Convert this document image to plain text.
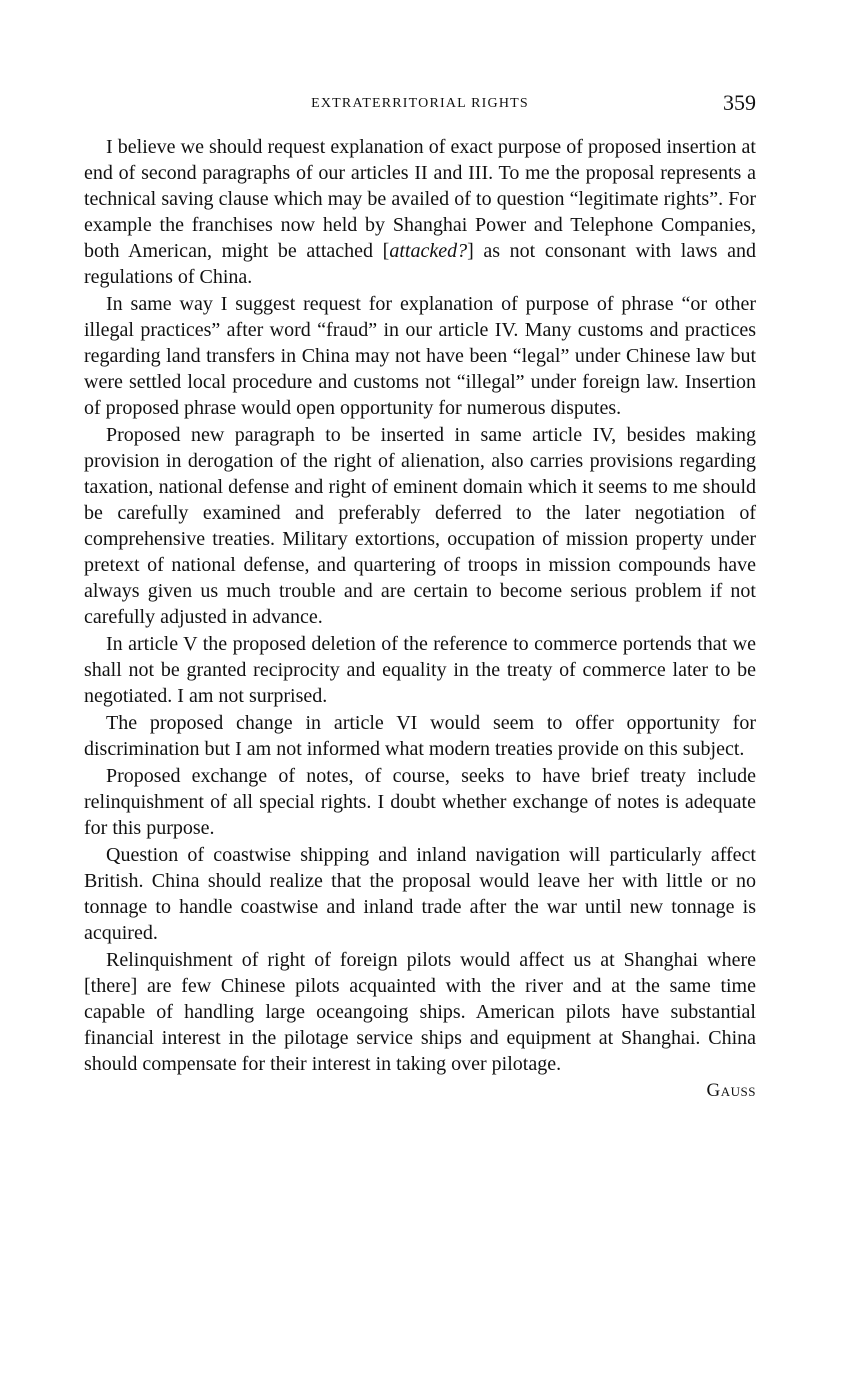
EXTRATERRITORIAL RIGHTS	359

I believe we should request explanation of exact purpose of proposed insertion at end of second paragraphs of our articles II and III. To me the proposal represents a technical saving clause which may be availed of to question “legitimate rights”. For example the franchises now held by Shanghai Power and Telephone Companies, both American, might be attached [attacked?] as not consonant with laws and regulations of China.

In same way I suggest request for explanation of purpose of phrase “or other illegal practices” after word “fraud” in our article IV. Many customs and practices regarding land transfers in China may not have been “legal” under Chinese law but were settled local procedure and customs not “illegal” under foreign law. Insertion of proposed phrase would open opportunity for numerous disputes.

Proposed new paragraph to be inserted in same article IV, besides making provision in derogation of the right of alienation, also carries provisions regarding taxation, national defense and right of eminent domain which it seems to me should be carefully examined and preferably deferred to the later negotiation of comprehensive treaties. Military extortions, occupation of mission property under pretext of national defense, and quartering of troops in mission compounds have always given us much trouble and are certain to become serious problem if not carefully adjusted in advance.

In article V the proposed deletion of the reference to commerce portends that we shall not be granted reciprocity and equality in the treaty of commerce later to be negotiated. I am not surprised.

The proposed change in article VI would seem to offer opportunity for discrimination but I am not informed what modern treaties provide on this subject.

Proposed exchange of notes, of course, seeks to have brief treaty include relinquishment of all special rights. I doubt whether exchange of notes is adequate for this purpose.

Question of coastwise shipping and inland navigation will particularly affect British. China should realize that the proposal would leave her with little or no tonnage to handle coastwise and inland trade after the war until new tonnage is acquired.

Relinquishment of right of foreign pilots would affect us at Shanghai where [there] are few Chinese pilots acquainted with the river and at the same time capable of handling large oceangoing ships. American pilots have substantial financial interest in the pilotage service ships and equipment at Shanghai. China should compensate for their interest in taking over pilotage.

Gauss
